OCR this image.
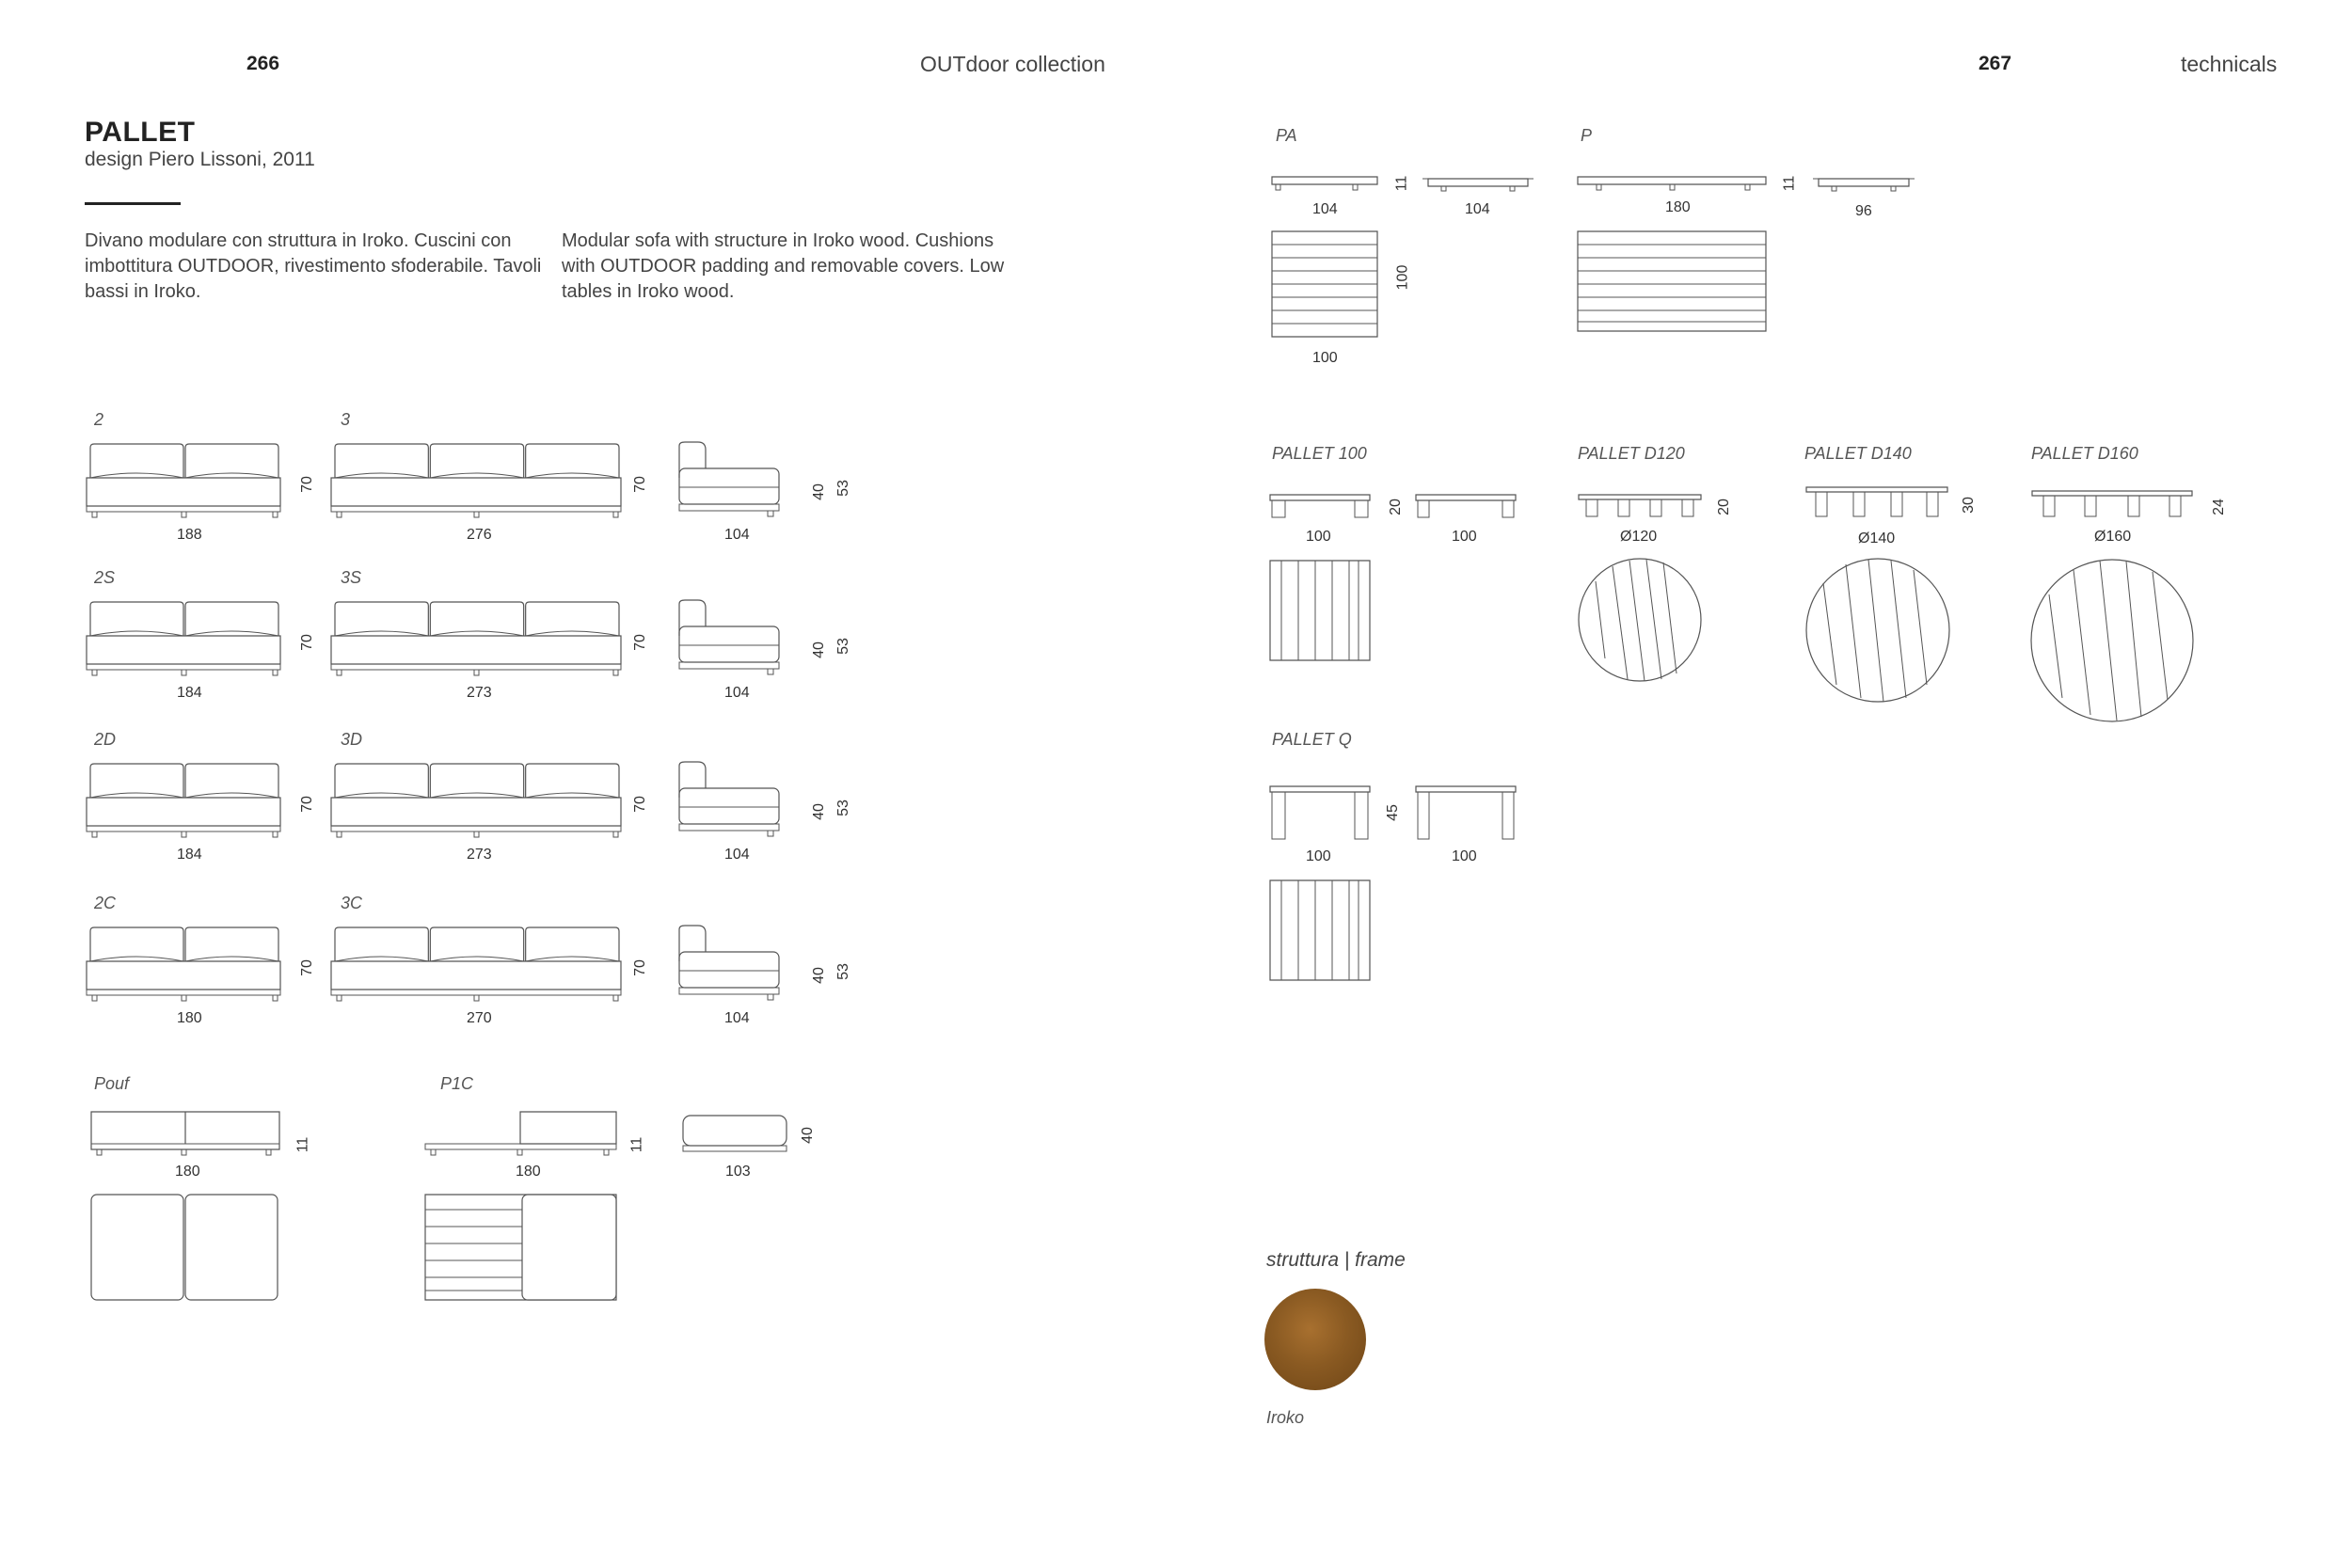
266	OUTdoor collection	267	technicals
PALLET
design Piero Lissoni, 2011
Divano modulare con struttura in Iroko. Cuscini con imbottitura OUTDOOR, rivestimento sfoderabile. Tavoli bassi in Iroko.
Modular sofa with structure in Iroko wood. Cushions with OUTDOOR padding and removable covers. Low tables in Iroko wood.
2	3
188	276	104
70	70	40 53
2S	3S
184	273	104
70	70	40 53
2D	3D
184	273	104
70	70	40 53
2C	3C
180	270	104
70	70	40 53
Pouf
180
11
P1C
180
11
103
40
PA
11
104	104
100
100
P
11
180	96
PALLET 100
20
100	100
PALLET D120
20
Ø120
PALLET D140
30
Ø140
PALLET D160
24
Ø160
PALLET Q
45
100	100
struttura | frame
Iroko
